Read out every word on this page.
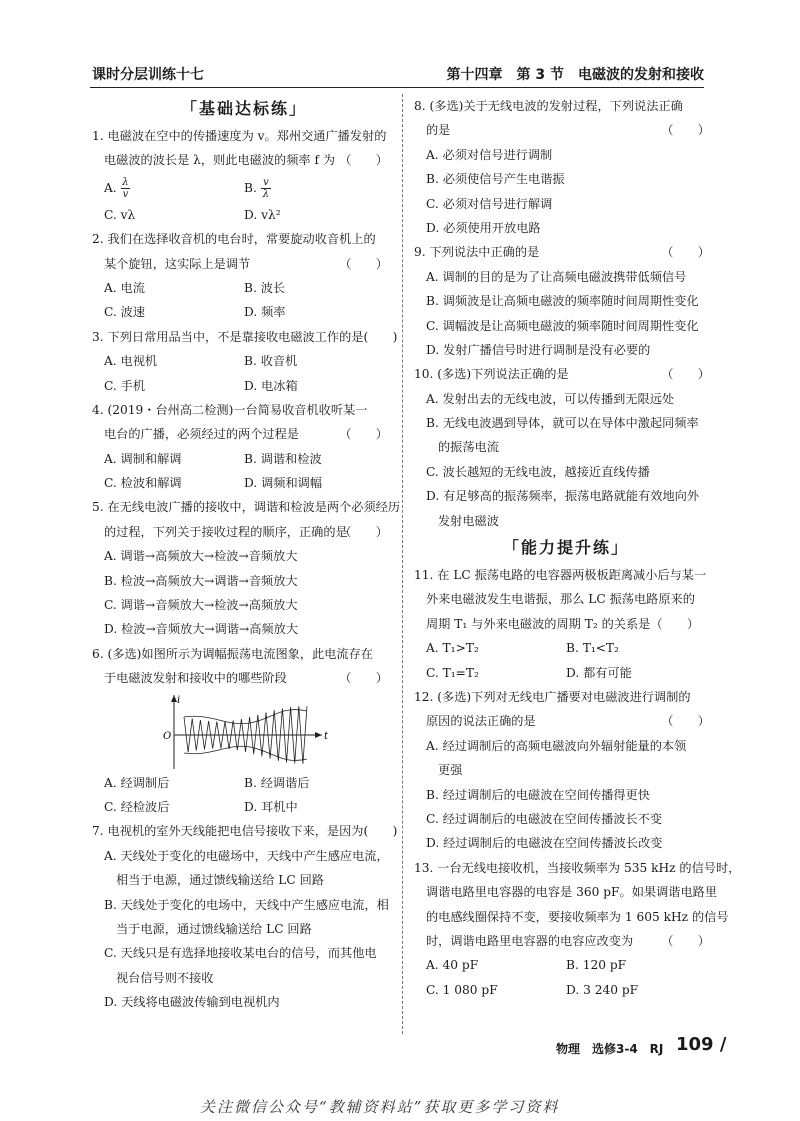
课时分层训练十七	第十四章　第 3 节　电磁波的发射和接收
「基础达标练」
1. 电磁波在空中的传播速度为 v。郑州交通广播发射的
电磁波的波长是 λ，则此电磁波的频率 f 为 （　　）
A. $\frac{\lambda}{v}$	B. $\frac{v}{\lambda}$
C. vλ	D. vλ²
2. 我们在选择收音机的电台时，常要旋动收音机上的
某个旋钮，这实际上是调节	（　　）
A. 电流	B. 波长
C. 波速	D. 频率
3. 下列日常用品当中，不是靠接收电磁波工作的是(　　)
A. 电视机	B. 收音机
C. 手机	D. 电冰箱
4. (2019・台州高二检测)一台简易收音机收听某一
电台的广播，必须经过的两个过程是	（　　）
A. 调制和解调	B. 调谐和检波
C. 检波和解调	D. 调频和调幅
5. 在无线电波广播的接收中，调谐和检波是两个必须经历
的过程，下列关于接收过程的顺序，正确的是
（　　）
A. 调谐→高频放大→检波→音频放大
B. 检波→高频放大→调谐→音频放大
C. 调谐→音频放大→检波→高频放大
D. 检波→音频放大→调谐→高频放大
6. (多选)如图所示为调幅振荡电流图象，此电流存在
于电磁波发射和接收中的哪些阶段	（　　）
i
t
O
A. 经调制后	B. 经调谐后
C. 经检波后	D. 耳机中
7. 电视机的室外天线能把电信号接收下来，是因为(　　)
A. 天线处于变化的电磁场中，天线中产生感应电流，
相当于电源，通过馈线输送给 LC 回路
B. 天线处于变化的电场中，天线中产生感应电流，相
当于电源，通过馈线输送给 LC 回路
C. 天线只是有选择地接收某电台的信号，而其他电
视台信号则不接收
D. 天线将电磁波传输到电视机内
8. (多选)关于无线电波的发射过程，下列说法正确
的是	（　　）
A. 必须对信号进行调制
B. 必须使信号产生电谐振
C. 必须对信号进行解调
D. 必须使用开放电路
9. 下列说法中正确的是	（　　）
A. 调制的目的是为了让高频电磁波携带低频信号
B. 调频波是让高频电磁波的频率随时间周期性变化
C. 调幅波是让高频电磁波的频率随时间周期性变化
D. 发射广播信号时进行调制是没有必要的
10. (多选)下列说法正确的是	（　　）
A. 发射出去的无线电波，可以传播到无限远处
B. 无线电波遇到导体，就可以在导体中激起同频率
的振荡电流
C. 波长越短的无线电波，越接近直线传播
D. 有足够高的振荡频率，振荡电路就能有效地向外
发射电磁波
「能力提升练」
11. 在 LC 振荡电路的电容器两极板距离减小后与某一
外来电磁波发生电谐振，那么 LC 振荡电路原来的
周期 T₁ 与外来电磁波的周期 T₂ 的关系是（　　）
A. T₁>T₂	B. T₁<T₂
C. T₁=T₂	D. 都有可能
12. (多选)下列对无线电广播要对电磁波进行调制的
原因的说法正确的是	（　　）
A. 经过调制后的高频电磁波向外辐射能量的本领
更强
B. 经过调制后的电磁波在空间传播得更快
C. 经过调制后的电磁波在空间传播波长不变
D. 经过调制后的电磁波在空间传播波长改变
13. 一台无线电接收机，当接收频率为 535 kHz 的信号时，
调谐电路里电容器的电容是 360 pF。如果调谐电路里
的电感线圈保持不变，要接收频率为 1 605 kHz 的信号
时，调谐电路里电容器的电容应改变为 （　　）
A. 40 pF	B. 120 pF
C. 1 080 pF	D. 3 240 pF
物理　选修3-4　RJ 109 /
关注微信公众号“教辅资料站”获取更多学习资料
